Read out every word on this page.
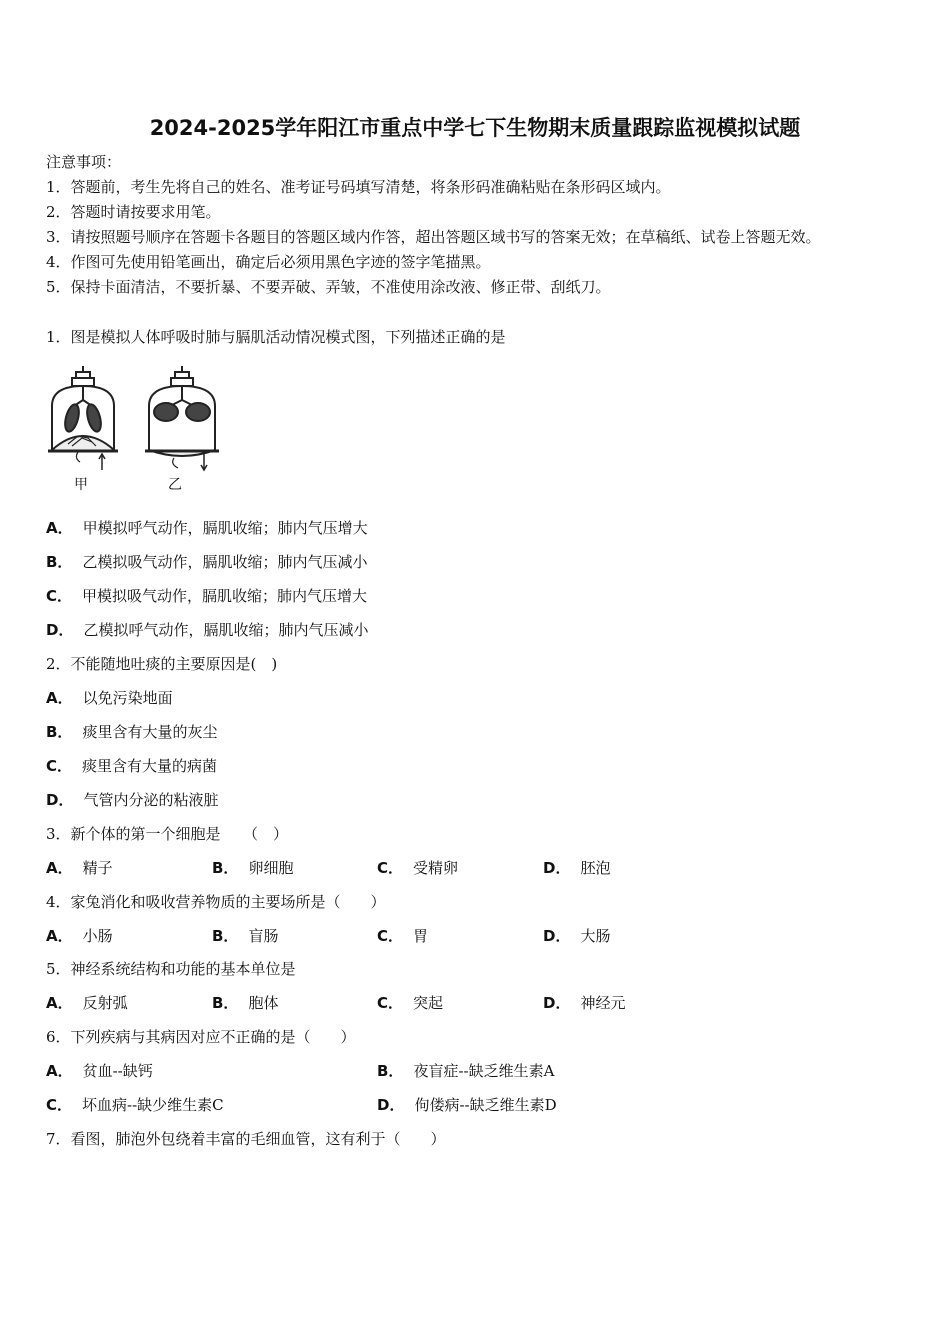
2024-2025学年阳江市重点中学七下生物期末质量跟踪监视模拟试题
注意事项：
1．答题前，考生先将自己的姓名、准考证号码填写清楚，将条形码准确粘贴在条形码区域内。
2．答题时请按要求用笔。
3．请按照题号顺序在答题卡各题目的答题区域内作答，超出答题区域书写的答案无效；在草稿纸、试卷上答题无效。
4．作图可先使用铅笔画出，确定后必须用黑色字迹的签字笔描黑。
5．保持卡面清洁，不要折暴、不要弄破、弄皱，不准使用涂改液、修正带、刮纸刀。
1．图是模拟人体呼吸时肺与膈肌活动情况模式图，下列描述正确的是
甲	乙
A． 甲模拟呼气动作，膈肌收缩；肺内气压增大
B． 乙模拟吸气动作，膈肌收缩；肺内气压减小
C． 甲模拟吸气动作，膈肌收缩；肺内气压增大
D． 乙模拟呼气动作，膈肌收缩；肺内气压减小
2．不能随地吐痰的主要原因是(　)
A． 以免污染地面
B． 痰里含有大量的灰尘
C． 痰里含有大量的病菌
D． 气管内分泌的粘液脏
3．新个体的第一个细胞是　　（　）
A． 精子	B． 卵细胞	C． 受精卵	D． 胚泡
4．家兔消化和吸收营养物质的主要场所是（　　）
A． 小肠	B． 盲肠	C． 胃	D． 大肠
5．神经系统结构和功能的基本单位是
A． 反射弧	B． 胞体	C． 突起	D． 神经元
6．下列疾病与其病因对应不正确的是（　　）
A． 贫血--缺钙	B． 夜盲症--缺乏维生素A
C． 坏血病--缺少维生素C	D． 佝偻病--缺乏维生素D
7．看图，肺泡外包绕着丰富的毛细血管，这有利于（　　）
